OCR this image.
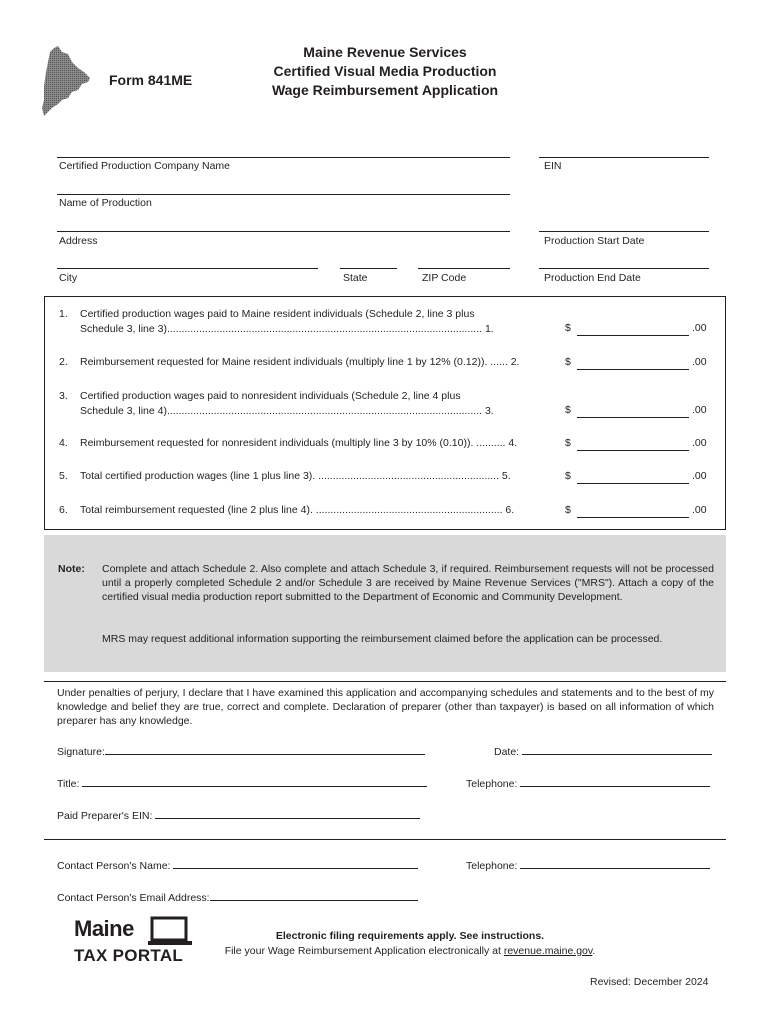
Form 841ME
Maine Revenue Services
Certified Visual Media Production
Wage Reimbursement Application
Certified Production Company Name	EIN
Name of Production
Address	Production Start Date
City	State	ZIP Code	Production End Date
1. Certified production wages paid to Maine resident individuals (Schedule 2, line 3 plus
Schedule 3, line 3)............................................................................................................ 1.	$	.00
2. Reimbursement requested for Maine resident individuals (multiply line 1 by 12% (0.12)). ...... 2.	$	.00
3. Certified production wages paid to nonresident individuals (Schedule 2, line 4 plus
Schedule 3, line 4)............................................................................................................ 3.	$	.00
4. Reimbursement requested for nonresident individuals (multiply line 3 by 10% (0.10)). .......... 4.	$	.00
5. Total certified production wages (line 1 plus line 3). .............................................................. 5.	$	.00
6. Total reimbursement requested (line 2 plus line 4). ................................................................ 6.	$	.00
Note: Complete and attach Schedule 2. Also complete and attach Schedule 3, if required. Reimbursement requests will not be processed until a properly completed Schedule 2 and/or Schedule 3 are received by Maine Revenue Services ("MRS"). Attach a copy of the certified visual media production report submitted to the Department of Economic and Community Development.
MRS may request additional information supporting the reimbursement claimed before the application can be processed.
Under penalties of perjury, I declare that I have examined this application and accompanying schedules and statements and to the best of my knowledge and belief they are true, correct and complete. Declaration of preparer (other than taxpayer) is based on all information of which preparer has any knowledge.
Signature:	Date:
Title:	Telephone:
Paid Preparer's EIN:
Contact Person's Name:	Telephone:
Contact Person's Email Address:
Maine
TAX PORTAL
Electronic filing requirements apply. See instructions.
File your Wage Reimbursement Application electronically at revenue.maine.gov.
Revised: December 2024
